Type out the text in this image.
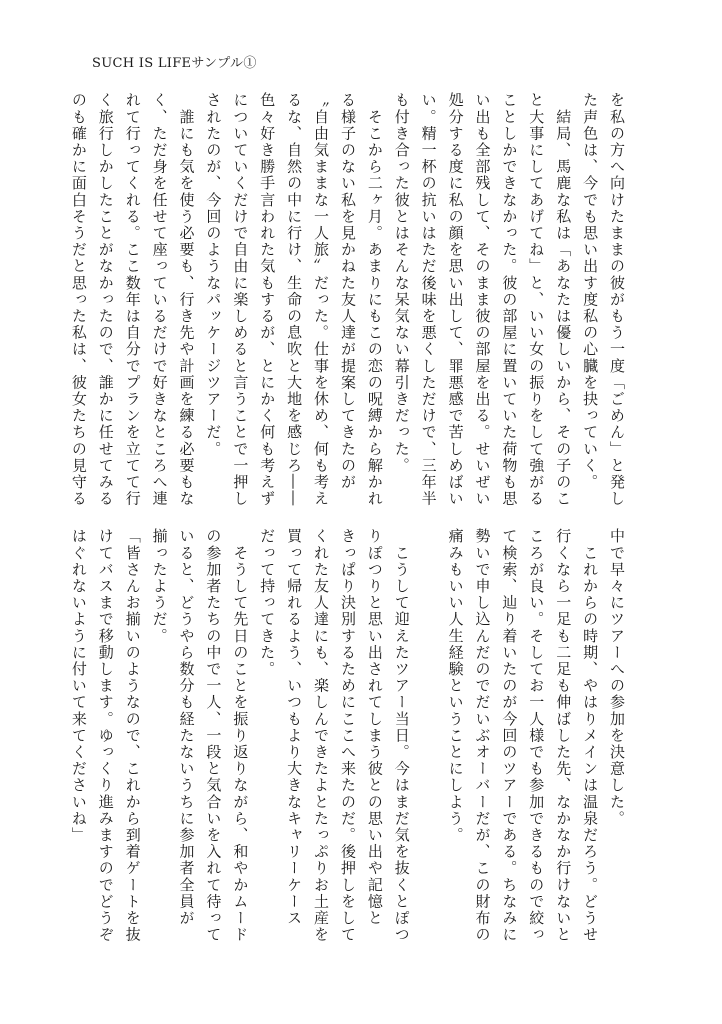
SUCH IS LIFEサンプル①
を私の方へ向けたままの彼がもう一度「ごめん」と発し
た声色は、今でも思い出す度私の心臓を抉っていく。
　結局、馬鹿な私は「あなたは優しいから、その子のこ
と大事にしてあげてね」と、いい女の振りをして強がる
ことしかできなかった。彼の部屋に置いていた荷物も思
い出も全部残して、そのまま彼の部屋を出る。せいぜい
処分する度に私の顔を思い出して、罪悪感で苦しめばい
い。精一杯の抗いはただ後味を悪くしただけで、三年半
も付き合った彼とはそんな呆気ない幕引きだった。
　そこから二ヶ月。あまりにもこの恋の呪縛から解かれ
る様子のない私を見かねた友人達が提案してきたのが
〝自由気ままな一人旅〟だった。仕事を休め、何も考え
るな、自然の中に行け、生命の息吹と大地を感じろ――
色々好き勝手言われた気もするが、とにかく何も考えず
についていくだけで自由に楽しめると言うことで一押し
されたのが、今回のようなパッケージツアーだ。
　誰にも気を使う必要も、行き先や計画を練る必要もな
く、ただ身を任せて座っているだけで好きなところへ連
れて行ってくれる。ここ数年は自分でプランを立てて行
く旅行しかしたことがなかったので、誰かに任せてみる
のも確かに面白そうだと思った私は、彼女たちの見守る
中で早々にツアーへの参加を決意した。
　これからの時期、やはりメインは温泉だろう。どうせ
行くなら一足も二足も伸ばした先、なかなか行けないと
ころが良い。そしてお一人様でも参加できるもので絞っ
て検索、辿り着いたのが今回のツアーである。ちなみに
勢いで申し込んだのでだいぶオーバーだが、この財布の
痛みもいい人生経験ということにしよう。
　こうして迎えたツアー当日。今はまだ気を抜くとぽつ
りぽつりと思い出されてしまう彼との思い出や記憶と
きっぱり決別するためにここへ来たのだ。後押しをして
くれた友人達にも、楽しんできたよとたっぷりお土産を
買って帰れるよう、いつもより大きなキャリーケース
だって持ってきた。
　そうして先日のことを振り返りながら、和やかムード
の参加者たちの中で一人、一段と気合いを入れて待って
いると、どうやら数分も経たないうちに参加者全員が
揃ったようだ。
「皆さんお揃いのようなので、これから到着ゲートを抜
けてバスまで移動します。ゆっくり進みますのでどうぞ
はぐれないように付いて来てくださいね」
